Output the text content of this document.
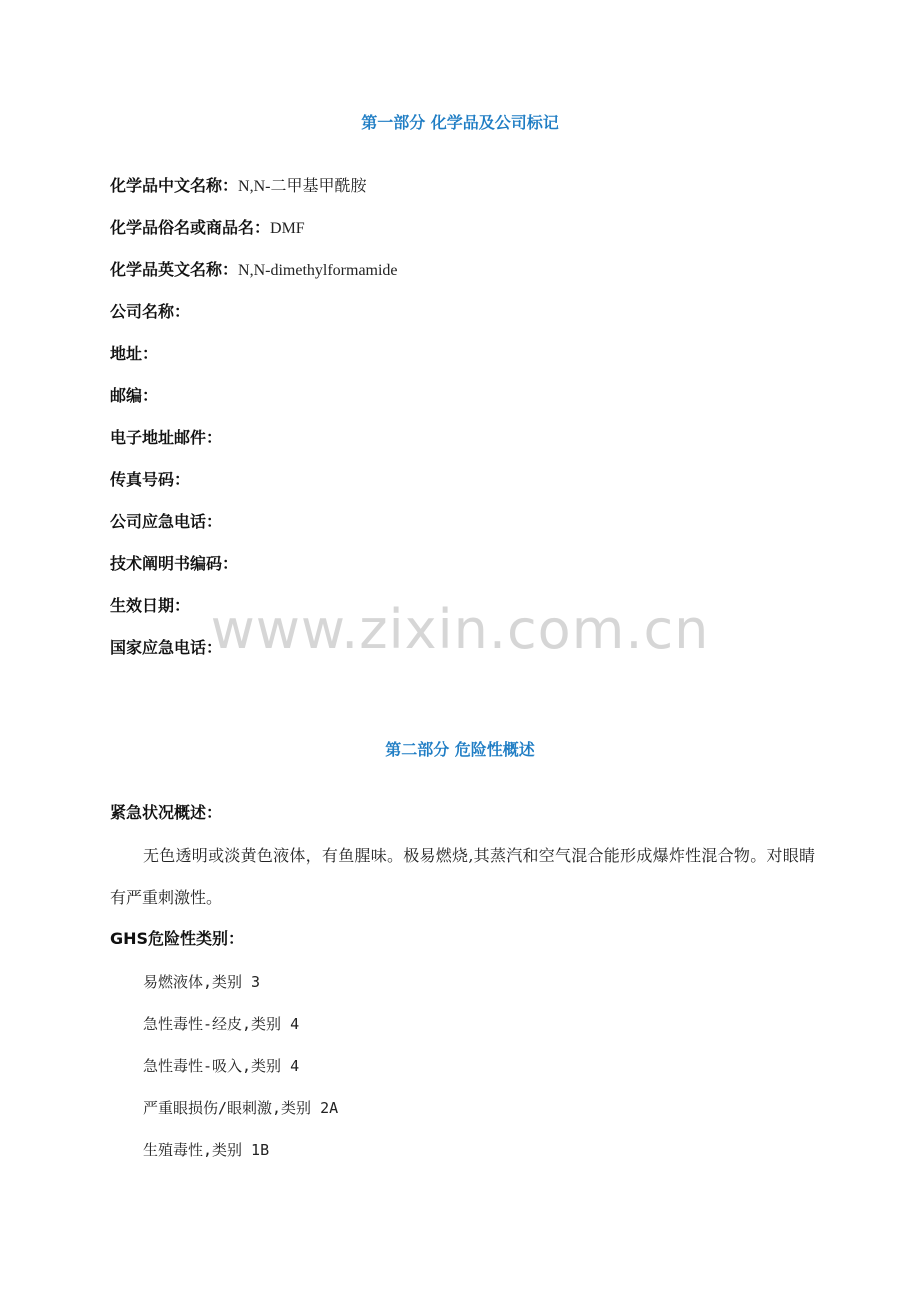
第一部分 化学品及公司标记
化学品中文名称：N,N-二甲基甲酰胺
化学品俗名或商品名：DMF
化学品英文名称：N,N-dimethylformamide
公司名称：
地址：
邮编：
电子地址邮件：
传真号码：
公司应急电话：
技术阐明书编码：
生效日期：
国家应急电话：
第二部分 危险性概述
紧急状况概述：
无色透明或淡黄色液体，有鱼腥味。极易燃烧,其蒸汽和空气混合能形成爆炸性混合物。对眼睛有严重刺激性。
GHS危险性类别：
易燃液体,类别 3
急性毒性-经皮,类别 4
急性毒性-吸入,类别 4
严重眼损伤/眼刺激,类别 2A
生殖毒性,类别 1B
www.zixin.com.cn
